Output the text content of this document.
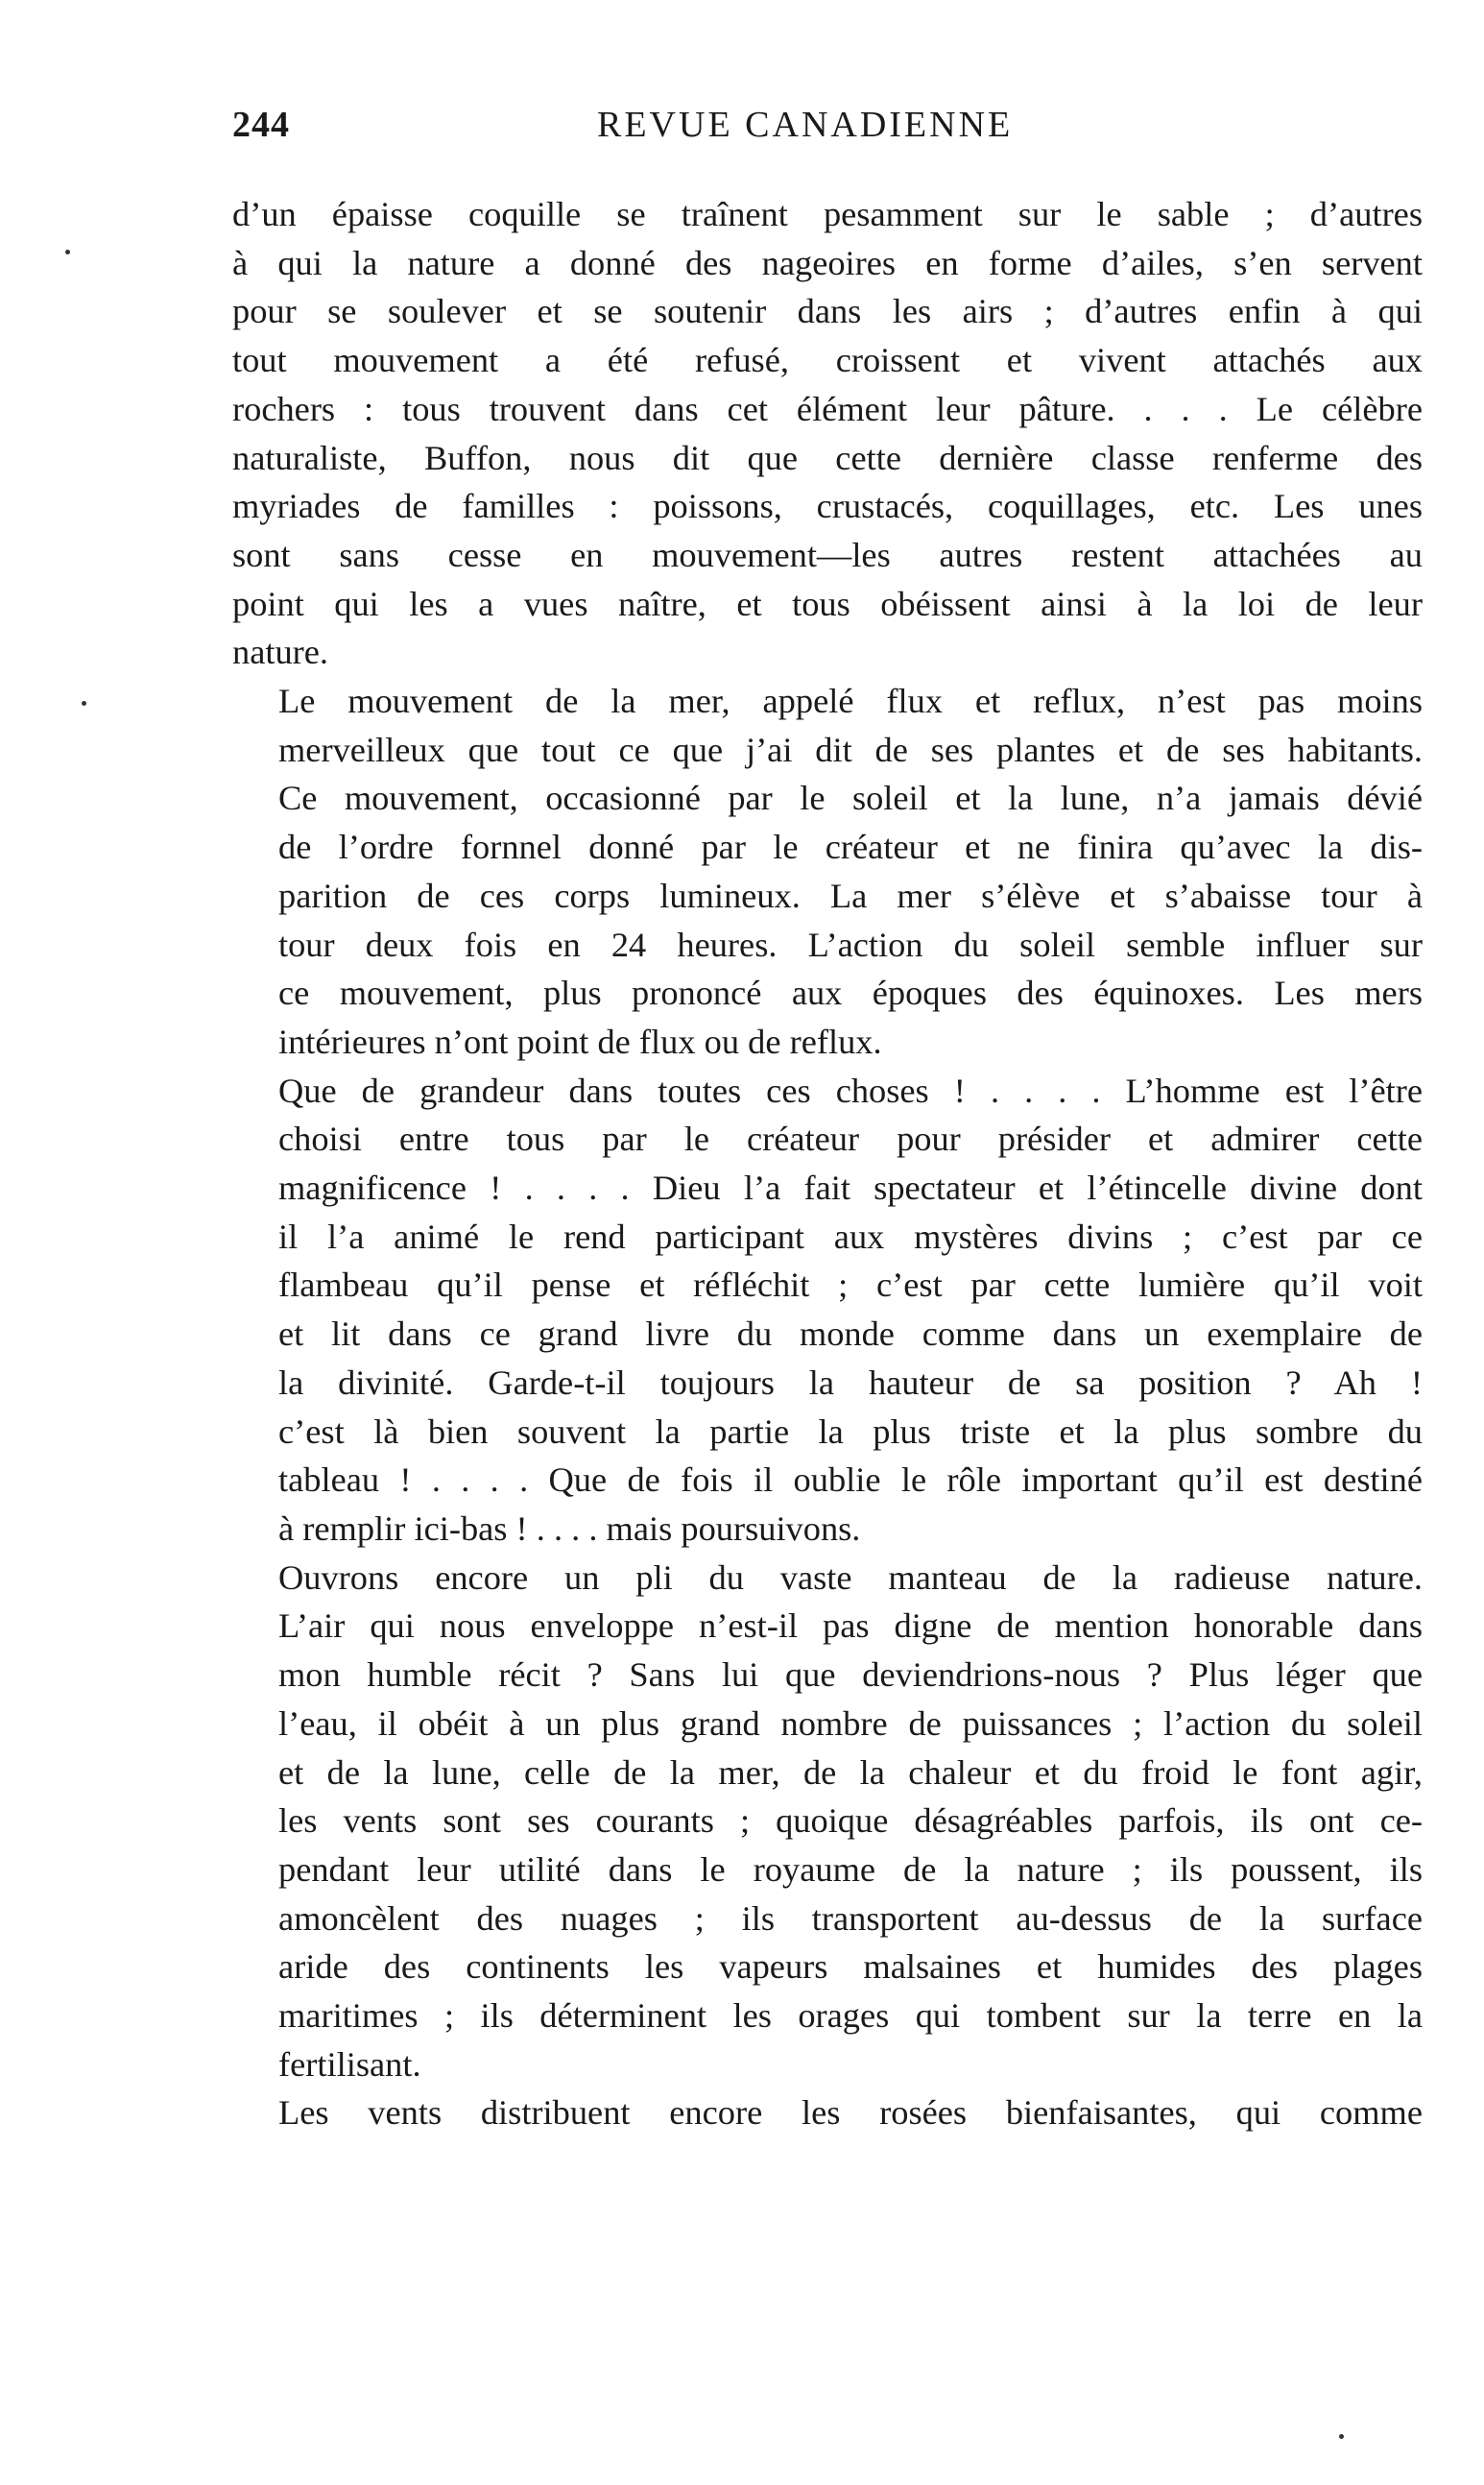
244	REVUE CANADIENNE

d’un épaisse coquille se traînent pesamment sur le sable ; d’autres
à qui la nature a donné des nageoires en forme d’ailes, s’en servent
pour se soulever et se soutenir dans les airs ; d’autres enfin à qui
tout mouvement a été refusé, croissent et vivent attachés aux
rochers : tous trouvent dans cet élément leur pâture. . . . Le célèbre
naturaliste, Buffon, nous dit que cette dernière classe renferme des
myriades de familles : poissons, crustacés, coquillages, etc. Les unes
sont sans cesse en mouvement—les autres restent attachées au
point qui les a vues naître, et tous obéissent ainsi à la loi de leur
nature.

Le mouvement de la mer, appelé flux et reflux, n’est pas moins
merveilleux que tout ce que j’ai dit de ses plantes et de ses habitants.
Ce mouvement, occasionné par le soleil et la lune, n’a jamais dévié
de l’ordre fornnel donné par le créateur et ne finira qu’avec la dis-
parition de ces corps lumineux. La mer s’élève et s’abaisse tour à
tour deux fois en 24 heures. L’action du soleil semble influer sur
ce mouvement, plus prononcé aux époques des équinoxes. Les mers
intérieures n’ont point de flux ou de reflux.

Que de grandeur dans toutes ces choses ! . . . . L’homme est l’être
choisi entre tous par le créateur pour présider et admirer cette
magnificence ! . . . . Dieu l’a fait spectateur et l’étincelle divine dont
il l’a animé le rend participant aux mystères divins ; c’est par ce
flambeau qu’il pense et réfléchit ; c’est par cette lumière qu’il voit
et lit dans ce grand livre du monde comme dans un exemplaire de
la divinité. Garde-t-il toujours la hauteur de sa position ? Ah !
c’est là bien souvent la partie la plus triste et la plus sombre du
tableau ! . . . . Que de fois il oublie le rôle important qu’il est destiné
à remplir ici-bas ! . . . . mais poursuivons.

Ouvrons encore un pli du vaste manteau de la radieuse nature.
L’air qui nous enveloppe n’est-il pas digne de mention honorable dans
mon humble récit ? Sans lui que deviendrions-nous ? Plus léger que
l’eau, il obéit à un plus grand nombre de puissances ; l’action du soleil
et de la lune, celle de la mer, de la chaleur et du froid le font agir,
les vents sont ses courants ; quoique désagréables parfois, ils ont ce-
pendant leur utilité dans le royaume de la nature ; ils poussent, ils
amoncèlent des nuages ; ils transportent au-dessus de la surface
aride des continents les vapeurs malsaines et humides des plages
maritimes ; ils déterminent les orages qui tombent sur la terre en la
fertilisant.

Les vents distribuent encore les rosées bienfaisantes, qui comme
